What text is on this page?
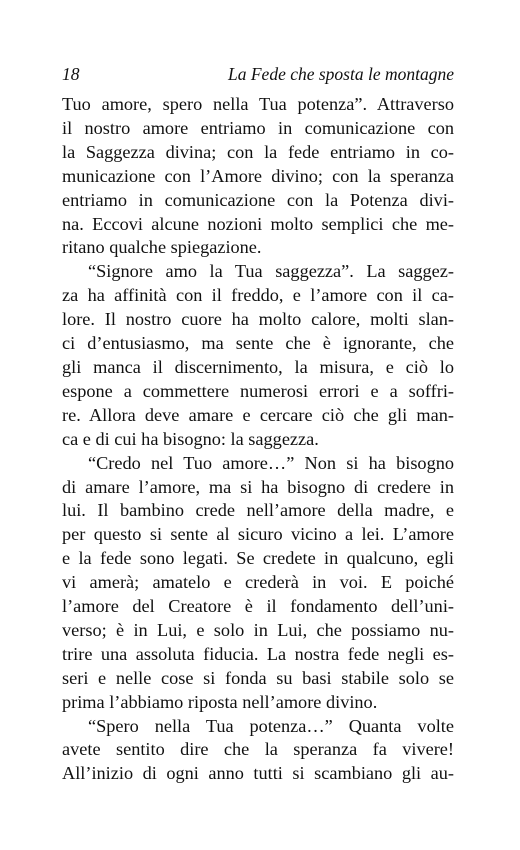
18	La Fede che sposta le montagne

Tuo amore, spero nella Tua potenza”. Attraverso

il nostro amore entriamo in comunicazione con

la Saggezza divina; con la fede entriamo in co-

municazione con l’Amore divino; con la speranza

entriamo in comunicazione con la Potenza divi-

na. Eccovi alcune nozioni molto semplici che me-

ritano qualche spiegazione.

“Signore amo la Tua saggezza”. La saggez-

za ha affinità con il freddo, e l’amore con il ca-

lore. Il nostro cuore ha molto calore, molti slan-

ci d’entusiasmo, ma sente che è ignorante, che

gli manca il discernimento, la misura, e ciò lo

espone a commettere numerosi errori e a soffri-

re. Allora deve amare e cercare ciò che gli man-

ca e di cui ha bisogno: la saggezza.

“Credo nel Tuo amore…” Non si ha bisogno

di amare l’amore, ma si ha bisogno di credere in

lui. Il bambino crede nell’amore della madre, e

per questo si sente al sicuro vicino a lei. L’amore

e la fede sono legati. Se credete in qualcuno, egli

vi amerà; amatelo e crederà in voi. E poiché

l’amore del Creatore è il fondamento dell’uni-

verso; è in Lui, e solo in Lui, che possiamo nu-

trire una assoluta fiducia. La nostra fede negli es-

seri e nelle cose si fonda su basi stabile solo se

prima l’abbiamo riposta nell’amore divino.

“Spero nella Tua potenza…” Quanta volte

avete sentito dire che la speranza fa vivere!

All’inizio di ogni anno tutti si scambiano gli au-
